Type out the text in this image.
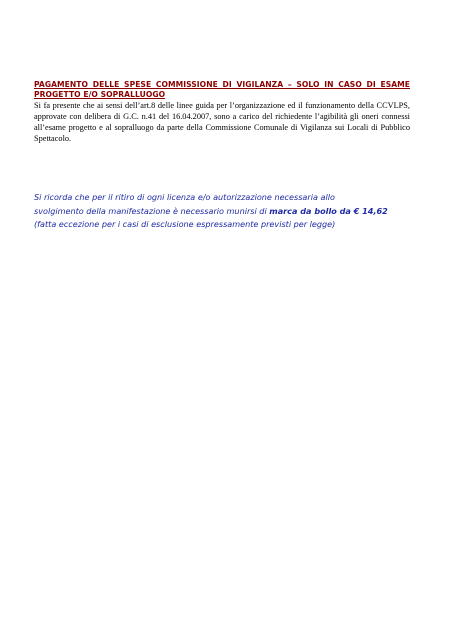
PAGAMENTO DELLE SPESE COMMISSIONE DI VIGILANZA – SOLO IN CASO DI ESAME PROGETTO E/O SOPRALLUOGO

Si fa presente che ai sensi dell’art.8 delle linee guida per l’organizzazione ed il funzionamento della CCVLPS, approvate con delibera di G.C. n.41 del 16.04.2007, sono a carico del richiedente l’agibilità gli oneri connessi all’esame progetto e al sopralluogo da parte della Commissione Comunale di Vigilanza sui Locali di Pubblico Spettacolo.

Si ricorda che per il ritiro di ogni licenza e/o autorizzazione necessaria allo
svolgimento della manifestazione è necessario munirsi di marca da bollo da € 14,62
(fatta eccezione per i casi di esclusione espressamente previsti per legge)
